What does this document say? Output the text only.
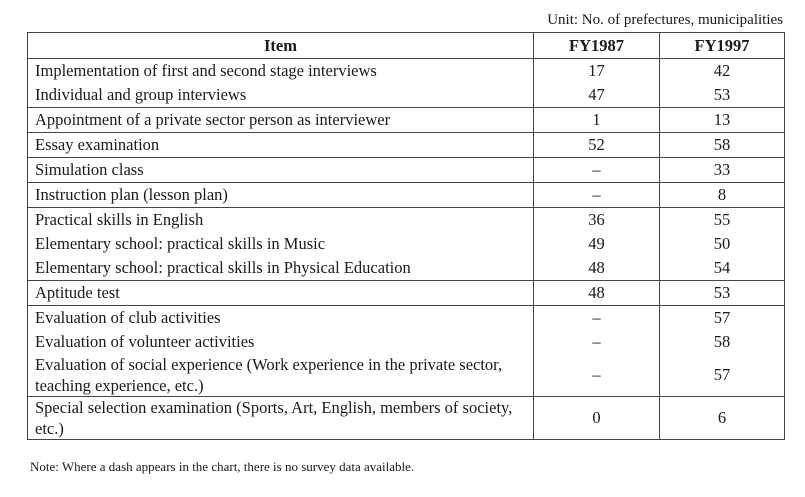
Unit: No. of prefectures, municipalities
Item	FY1987	FY1997
Implementation of first and second stage interviews	17	42
Individual and group interviews	47	53
Appointment of a private sector person as interviewer	1	13
Essay examination	52	58
Simulation class	–	33
Instruction plan (lesson plan)	–	8
Practical skills in English	36	55
Elementary school: practical skills in Music	49	50
Elementary school: practical skills in Physical Education	48	54
Aptitude test	48	53
Evaluation of club activities	–	57
Evaluation of volunteer activities	–	58
Evaluation of social experience (Work experience in the private sector, teaching experience, etc.)	–	57
Special selection examination (Sports, Art, English, members of society, etc.)	0	6
Note: Where a dash appears in the chart, there is no survey data available.
